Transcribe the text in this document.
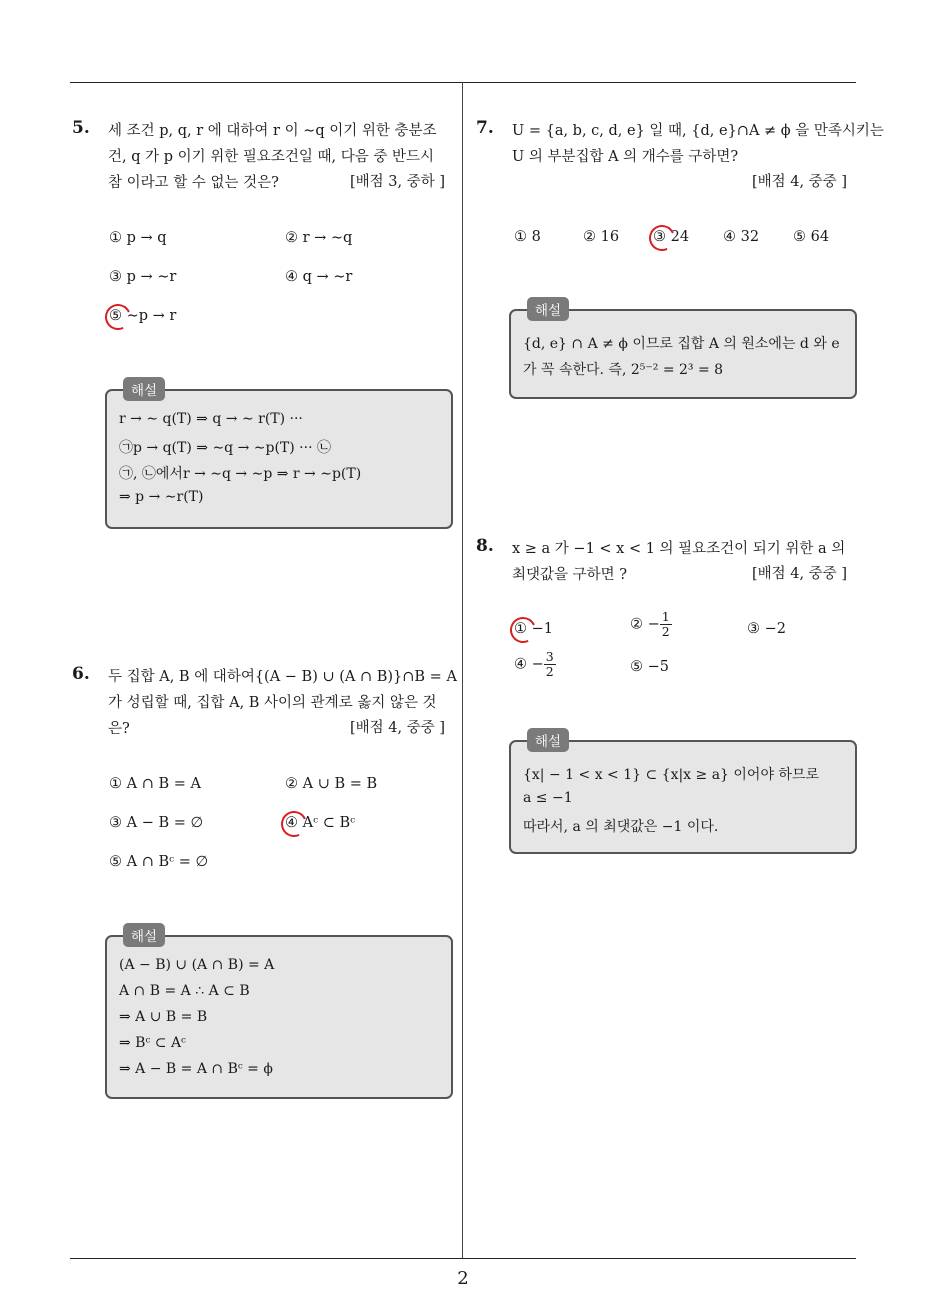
5. 세 조건 p, q, r 에 대하여 r 이 ∼q 이기 위한 충분조
건, q 가 p 이기 위한 필요조건일 때, 다음 중 반드시
참 이라고 할 수 없는 것은?	[배점 3, 중하 ]
① p → q	② r → ∼q
③ p → ∼r	④ q → ∼r
⑤ ∼p → r
해설
r → ∼ q(T) ⇒ q → ∼ r(T) ···
㉠p → q(T) ⇒ ∼q → ∼p(T) ··· ㉡
㉠, ㉡에서r → ∼q → ∼p ⇒ r → ∼p(T)
⇒ p → ∼r(T)
6. 두 집합 A, B 에 대하여{(A − B) ∪ (A ∩ B)}∩B = A
가 성립할 때, 집합 A, B 사이의 관계로 옳지 않은 것
은?	[배점 4, 중중 ]
① A ∩ B = A	② A ∪ B = B
③ A − B = ∅	④ Aᶜ ⊂ Bᶜ
⑤ A ∩ Bᶜ = ∅
해설
(A − B) ∪ (A ∩ B) = A
A ∩ B = A ∴ A ⊂ B
⇒ A ∪ B = B
⇒ Bᶜ ⊂ Aᶜ
⇒ A − B = A ∩ Bᶜ = ϕ
7. U = {a, b, c, d, e} 일 때, {d, e}∩A ≠ ϕ 을 만족시키는
U 의 부분집합 A 의 개수를 구하면?
[배점 4, 중중 ]
① 8	② 16 ③ 24 ④ 32 ⑤ 64
해설
{d, e} ∩ A ≠ ϕ 이므로 집합 A 의 원소에는 d 와 e
가 꼭 속한다. 즉, 2⁵⁻² = 2³ = 8
8. x ≥ a 가 −1 < x < 1 의 필요조건이 되기 위한 a 의
최댓값을 구하면 ?	[배점 4, 중중 ]
① −1	② − $\frac{1}{2}$	③ −2
④ − $\frac{3}{2}$	⑤ −5
해설
{x| − 1 < x < 1} ⊂ {x|x ≥ a} 이어야 하므로
a ≤ −1
따라서, a 의 최댓값은 −1 이다.
2
